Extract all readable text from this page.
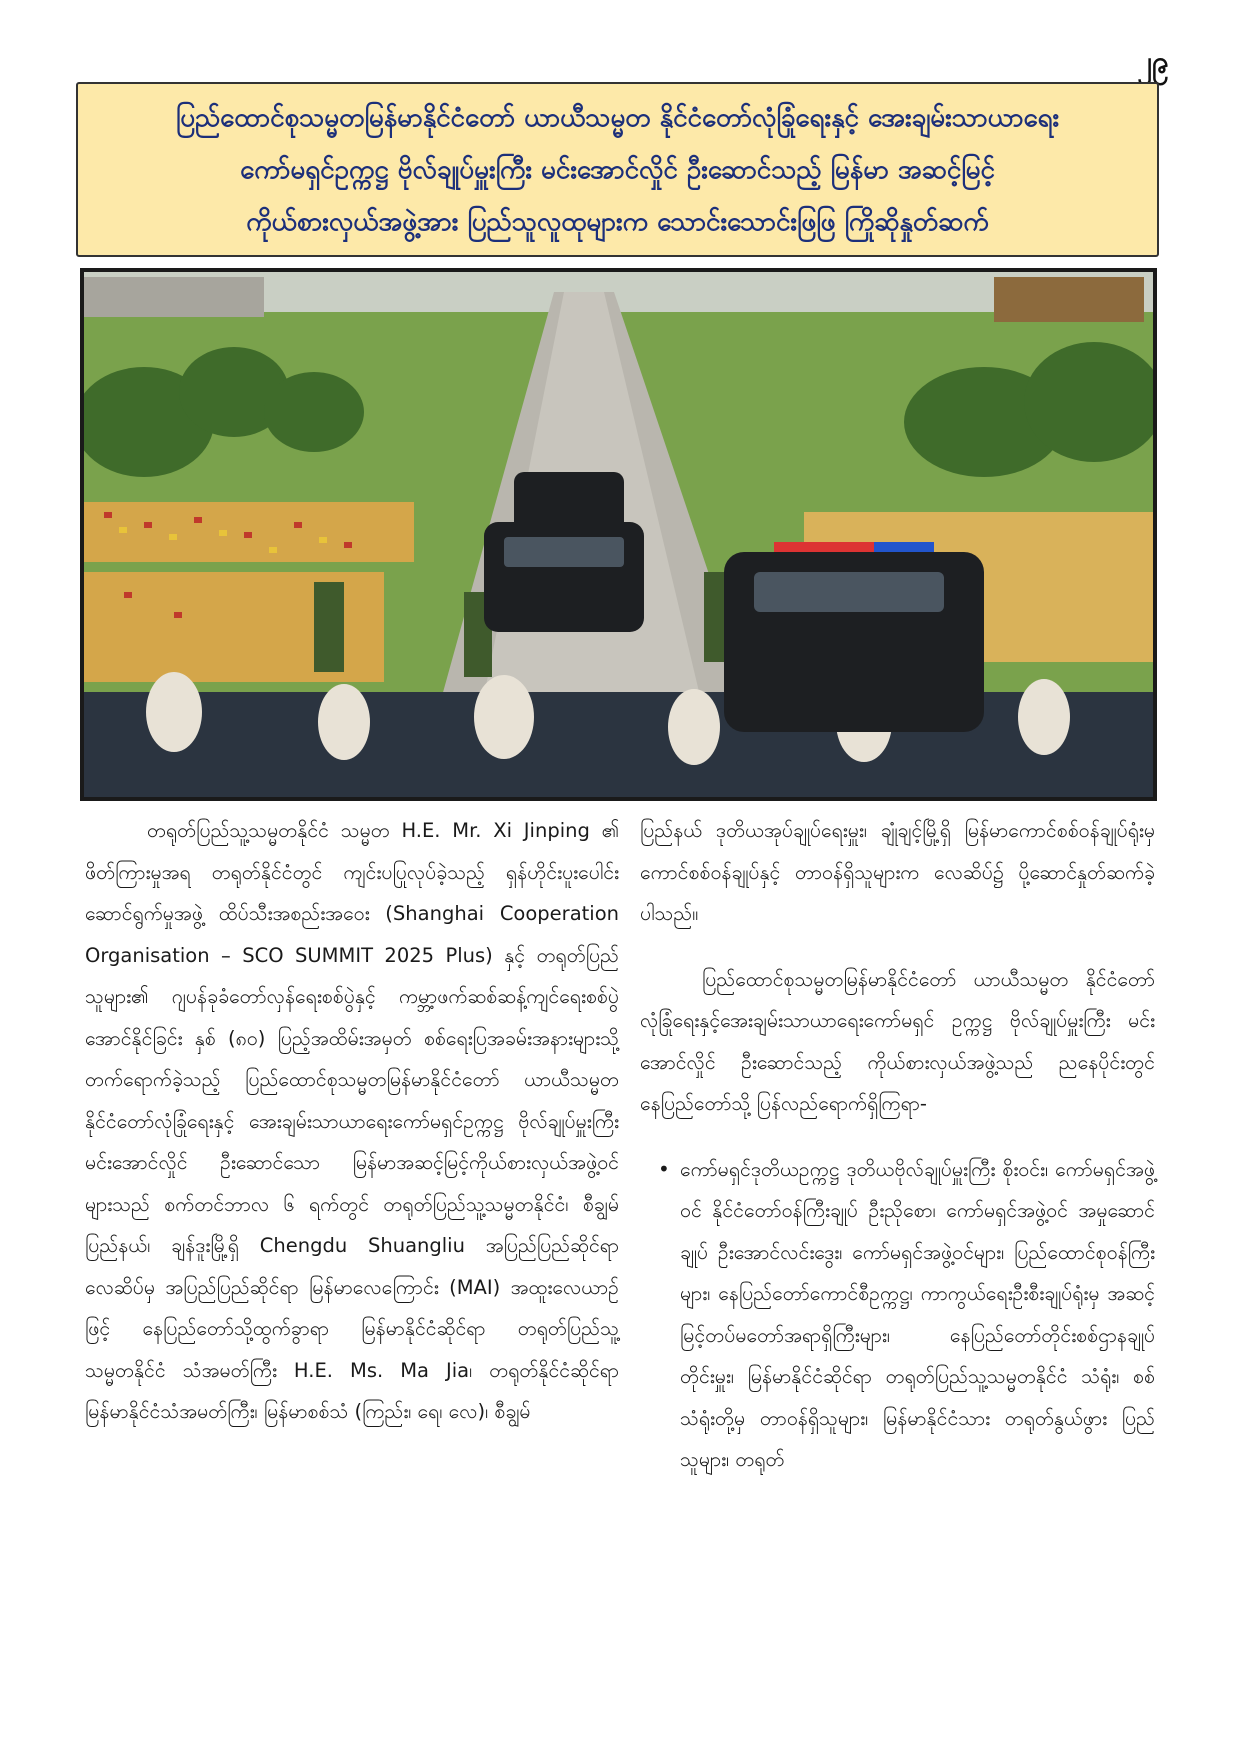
၂၉
ပြည်ထောင်စုသမ္မတမြန်မာနိုင်ငံတော် ယာယီသမ္မတ နိုင်ငံတော်လုံခြုံရေးနှင့် အေးချမ်းသာယာရေး
ကော်မရှင်ဥက္ကဋ္ဌ ဗိုလ်ချုပ်မှူးကြီး မင်းအောင်လှိုင် ဦးဆောင်သည့် မြန်မာ အဆင့်မြင့်
ကိုယ်စားလှယ်အဖွဲ့အား ပြည်သူလူထုများက သောင်းသောင်းဖြဖြ ကြိုဆိုနှုတ်ဆက်

တရုတ်ပြည်သူ့သမ္မတနိုင်ငံ သမ္မတ H.E. Mr. Xi Jinping ၏ ဖိတ်ကြားမှုအရ တရုတ်နိုင်ငံတွင် ကျင်းပပြုလုပ်ခဲ့သည့် ရှန်ဟိုင်းပူးပေါင်းဆောင်ရွက်မှုအဖွဲ့ ထိပ်သီးအစည်းအဝေး (Shanghai Cooperation Organisation – SCO SUMMIT 2025 Plus) နှင့် တရုတ်ပြည်သူများ၏ ဂျပန်ခုခံတော်လှန်ရေးစစ်ပွဲနှင့် ကမ္ဘာ့ဖက်ဆစ်ဆန့်ကျင်ရေးစစ်ပွဲ အောင်နိုင်ခြင်း နှစ် (၈၀) ပြည့်အထိမ်းအမှတ် စစ်ရေးပြအခမ်းအနားများသို့ တက်ရောက်ခဲ့သည့် ပြည်ထောင်စုသမ္မတမြန်မာနိုင်ငံတော် ယာယီသမ္မတ နိုင်ငံတော်လုံခြုံရေးနှင့် အေးချမ်းသာယာရေးကော်မရှင်ဥက္ကဋ္ဌ ဗိုလ်ချုပ်မှူးကြီး မင်းအောင်လှိုင် ဦးဆောင်သော မြန်မာအဆင့်မြင့်ကိုယ်စားလှယ်အဖွဲ့ဝင်များသည် စက်တင်ဘာလ ၆ ရက်တွင် တရုတ်ပြည်သူ့သမ္မတနိုင်ငံ၊ စီချွမ်ပြည်နယ်၊ ချန်ဒူးမြို့ရှိ Chengdu Shuangliu အပြည်ပြည်ဆိုင်ရာလေဆိပ်မှ အပြည်ပြည်ဆိုင်ရာ မြန်မာလေကြောင်း (MAI) အထူးလေယာဉ်ဖြင့် နေပြည်တော်သို့ထွက်ခွာရာ မြန်မာနိုင်ငံဆိုင်ရာ တရုတ်ပြည်သူ့သမ္မတနိုင်ငံ သံအမတ်ကြီး H.E. Ms. Ma Jia၊ တရုတ်နိုင်ငံဆိုင်ရာ မြန်မာနိုင်ငံသံအမတ်ကြီး၊ မြန်မာစစ်သံ (ကြည်း၊ ရေ၊ လေ)၊ စီချွမ်

ပြည်နယ် ဒုတိယအုပ်ချုပ်ရေးမှူး၊ ချုံချင့်မြို့ရှိ မြန်မာကောင်စစ်ဝန်ချုပ်ရုံးမှ ကောင်စစ်ဝန်ချုပ်နှင့် တာဝန်ရှိသူများက လေဆိပ်၌ ပို့ဆောင်နှုတ်ဆက်ခဲ့ပါသည်။

ပြည်ထောင်စုသမ္မတမြန်မာနိုင်ငံတော် ယာယီသမ္မတ နိုင်ငံတော်လုံခြုံရေးနှင့်အေးချမ်းသာယာရေးကော်မရှင် ဥက္ကဋ္ဌ ဗိုလ်ချုပ်မှူးကြီး မင်းအောင်လှိုင် ဦးဆောင်သည့် ကိုယ်စားလှယ်အဖွဲ့သည် ညနေပိုင်းတွင် နေပြည်တော်သို့ ပြန်လည်ရောက်ရှိကြရာ-

• ကော်မရှင်ဒုတိယဥက္ကဋ္ဌ ဒုတိယဗိုလ်ချုပ်မှူးကြီး စိုးဝင်း၊ ကော်မရှင်အဖွဲ့ဝင် နိုင်ငံတော်ဝန်ကြီးချုပ် ဦးညိုစော၊ ကော်မရှင်အဖွဲ့ဝင် အမှုဆောင်ချုပ် ဦးအောင်လင်းဒွေး၊ ကော်မရှင်အဖွဲ့ဝင်များ၊ ပြည်ထောင်စုဝန်ကြီးများ၊ နေပြည်တော်ကောင်စီဥက္ကဋ္ဌ၊ ကာကွယ်ရေးဦးစီးချုပ်ရုံးမှ အဆင့်မြင့်တပ်မတော်အရာရှိကြီးများ၊ နေပြည်တော်တိုင်းစစ်ဌာနချုပ် တိုင်းမှူး၊ မြန်မာနိုင်ငံဆိုင်ရာ တရုတ်ပြည်သူ့သမ္မတနိုင်ငံ သံရုံး၊ စစ်သံရုံးတို့မှ တာဝန်ရှိသူများ၊ မြန်မာနိုင်ငံသား တရုတ်နွယ်ဖွား ပြည်သူများ၊ တရုတ်
